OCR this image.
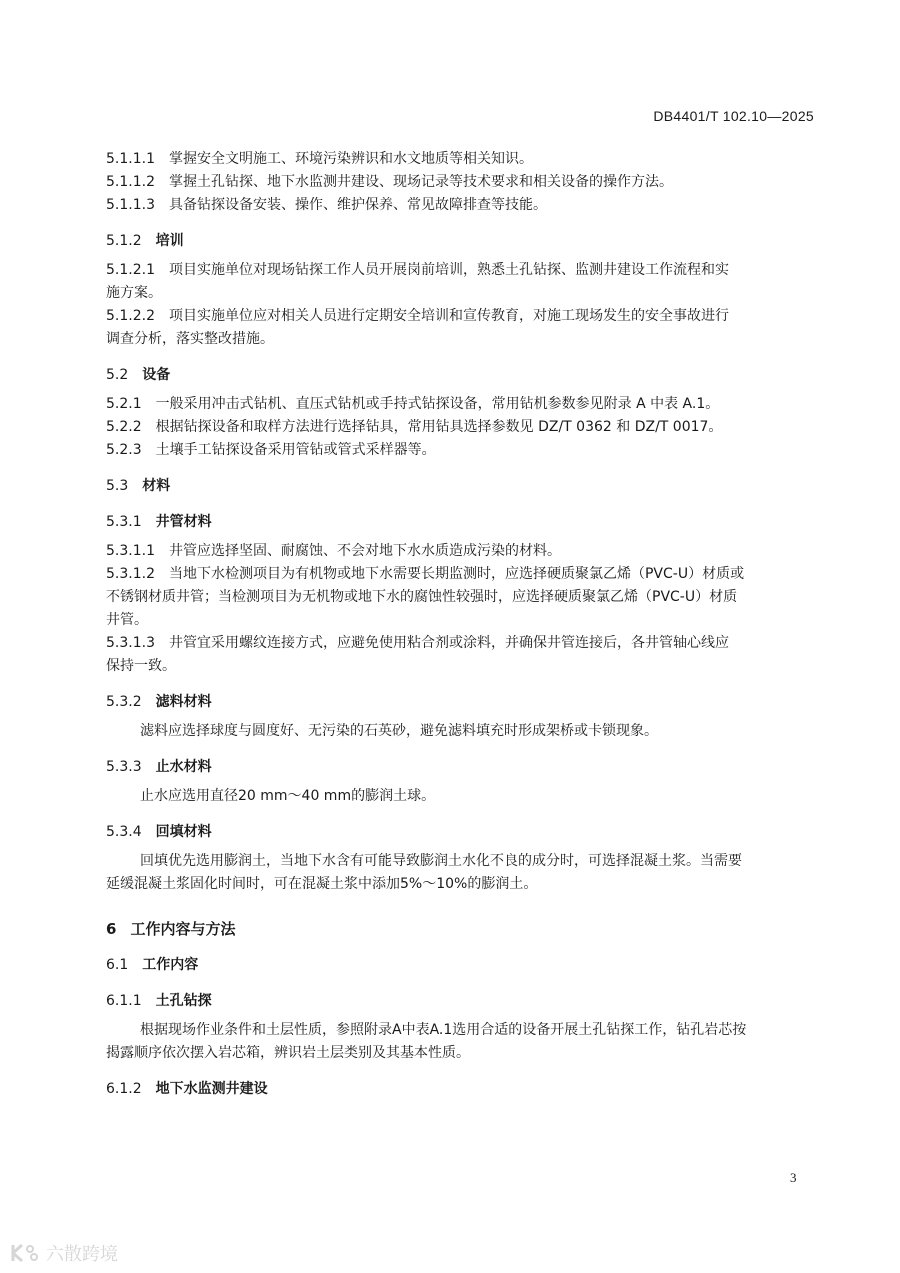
DB4401/T 102.10—2025

5.1.1.1 掌握安全文明施工、环境污染辨识和水文地质等相关知识。

5.1.1.2 掌握土孔钻探、地下水监测井建设、现场记录等技术要求和相关设备的操作方法。

5.1.1.3 具备钻探设备安装、操作、维护保养、常见故障排查等技能。

5.1.2 培训

5.1.2.1 项目实施单位对现场钻探工作人员开展岗前培训，熟悉土孔钻探、监测井建设工作流程和实

施方案。

5.1.2.2 项目实施单位应对相关人员进行定期安全培训和宣传教育，对施工现场发生的安全事故进行

调查分析，落实整改措施。

5.2 设备

5.2.1 一般采用冲击式钻机、直压式钻机或手持式钻探设备，常用钻机参数参见附录 A 中表 A.1。

5.2.2 根据钻探设备和取样方法进行选择钻具，常用钻具选择参数见 DZ/T 0362 和 DZ/T 0017。

5.2.3 土壤手工钻探设备采用管钻或管式采样器等。

5.3 材料

5.3.1 井管材料

5.3.1.1 井管应选择坚固、耐腐蚀、不会对地下水水质造成污染的材料。

5.3.1.2 当地下水检测项目为有机物或地下水需要长期监测时，应选择硬质聚氯乙烯（PVC-U）材质或

不锈钢材质井管；当检测项目为无机物或地下水的腐蚀性较强时，应选择硬质聚氯乙烯（PVC-U）材质

井管。

5.3.1.3 井管宜采用螺纹连接方式，应避免使用粘合剂或涂料，并确保井管连接后，各井管轴心线应

保持一致。

5.3.2 滤料材料

滤料应选择球度与圆度好、无污染的石英砂，避免滤料填充时形成架桥或卡锁现象。

5.3.3 止水材料

止水应选用直径20 mm～40 mm的膨润土球。

5.3.4 回填材料

回填优先选用膨润土，当地下水含有可能导致膨润土水化不良的成分时，可选择混凝土浆。当需要

延缓混凝土浆固化时间时，可在混凝土浆中添加5%～10%的膨润土。

6 工作内容与方法

6.1 工作内容

6.1.1 土孔钻探

根据现场作业条件和土层性质，参照附录A中表A.1选用合适的设备开展土孔钻探工作，钻孔岩芯按

揭露顺序依次摆入岩芯箱，辨识岩土层类别及其基本性质。

6.1.2 地下水监测井建设

3
六散跨境
